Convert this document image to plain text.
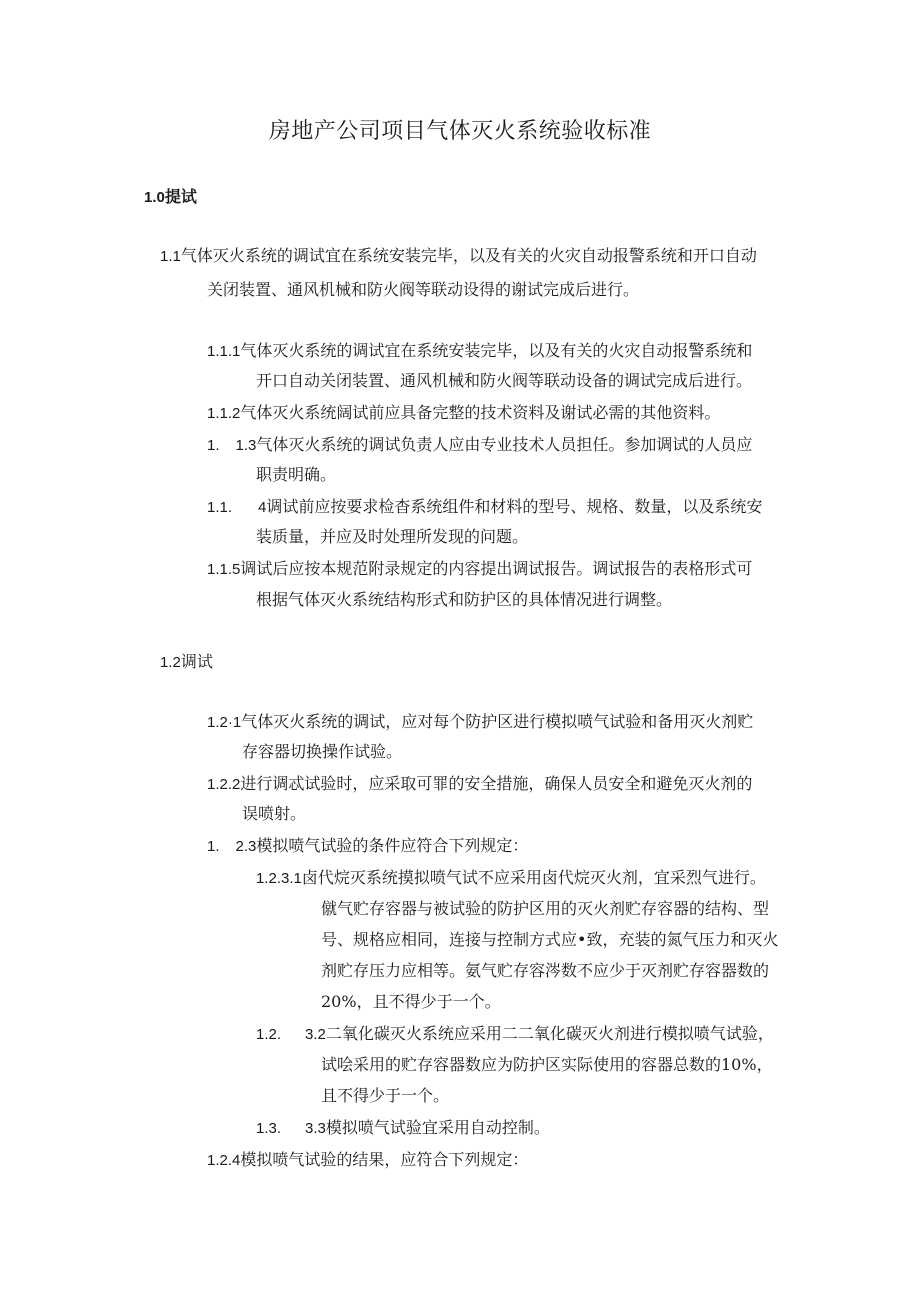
房地产公司项目气体灭火系统验收标准
1.0提试
1.1气体灭火系统的调试宜在系统安装完毕，以及有关的火灾自动报警系统和开口自动
关闭装置、通风机械和防火阀等联动设得的谢试完成后进行。
1.1.1气体灭火系统的调试宜在系统安装完毕，以及有关的火灾自动报警系统和
开口自动关闭装置、通风机械和防火阀等联动设备的调试完成后进行。
1.1.2气体灭火系统阔试前应具备完整的技术资料及谢试必需的其他资料。
1. 1.3气体灭火系统的调试负责人应由专业技术人员担任。参加调试的人员应
职责明确。
1.1. 4调试前应按要求检杳系统组件和材料的型号、规格、数量，以及系统安
装质量，并应及时处理所发现的问题。
1.1.5调试后应按本规范附录规定的内容提出调试报告。调试报告的表格形式可
根据气体灭火系统结构形式和防护区的具体情况进行调整。
1.2调试
1.2·1气体灭火系统的调试，应对每个防护区进行模拟喷气试验和备用灭火剂贮
存容器切换操作试验。
1.2.2进行调忒试验时，应采取可罪的安全措施，确保人员安全和避免灭火剂的
误喷射。
1. 2.3模拟喷气试验的条件应符合下列规定：
1.2.3.1卤代烷灭系统摸拟喷气试不应采用卤代烷灭火剂，宜采烈气进行。
僦气贮存容器与被试验的防护区用的灭火剂贮存容器的结构、型
号、规格应相同，连接与控制方式应•致，充装的氮气压力和灭火
剂贮存压力应相等。氨气贮存容涔数不应少于灭剂贮存容器数的
20%，且不得少于一个。
1.2. 3.2二氧化碳灭火系统应采用二二氧化碳灭火剂进行模拟喷气试验，
试哙采用的贮存容器数应为防护区实际使用的容器总数的10%，
且不得少于一个。
1.3. 3.3模拟喷气试验宜采用自动控制。
1.2.4模拟喷气试验的结果，应符合下列规定：
